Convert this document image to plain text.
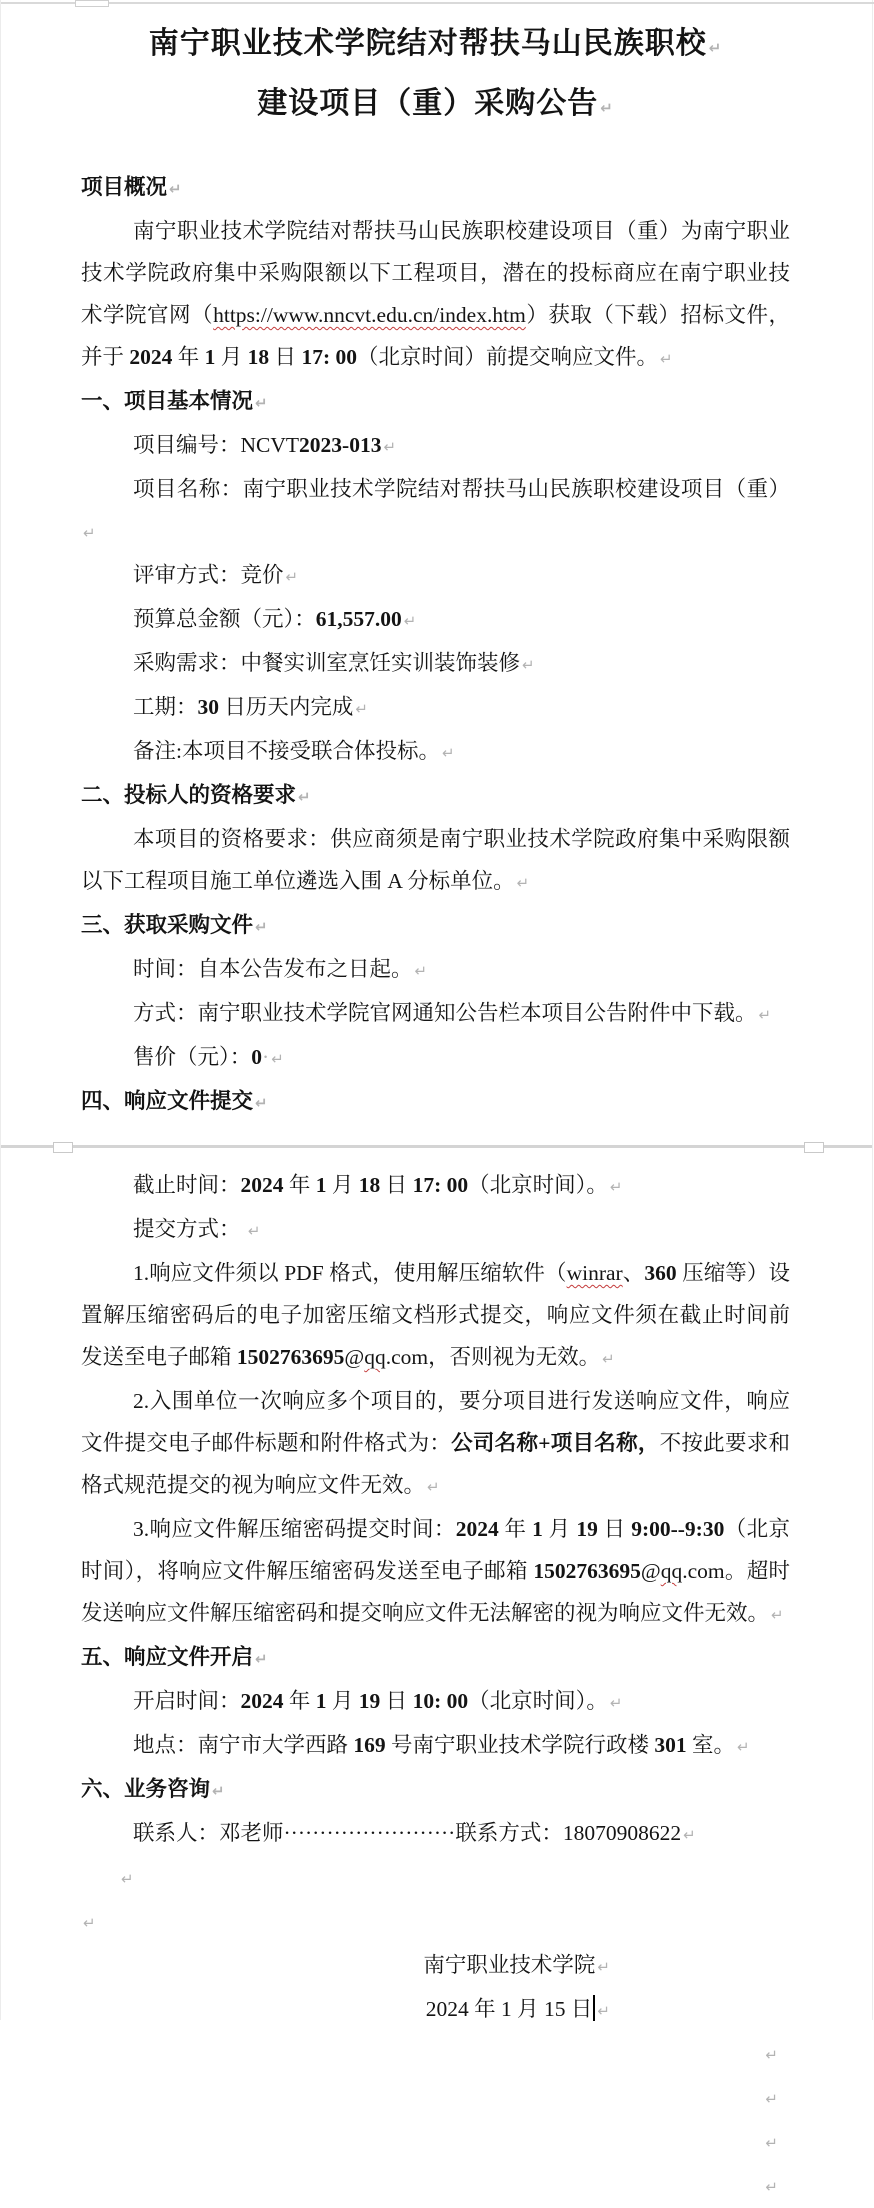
南宁职业技术学院结对帮扶马山民族职校 ↵
建设项目（重）采购公告 ↵
项目概况 ↵
南宁职业技术学院结对帮扶马山民族职校建设项目（重）为南宁职业技术学院政府集中采购限额以下工程项目，潜在的投标商应在南宁职业技术学院官网（https://www.nncvt.edu.cn/index.htm）获取（下载）招标文件，并于 2024 年 1 月 18 日 17: 00（北京时间）前提交响应文件。 ↵
一、项目基本情况 ↵
项目编号：NCVT2023-013 ↵
项目名称：南宁职业技术学院结对帮扶马山民族职校建设项目（重）↵
评审方式：竞价 ↵
预算总金额（元）：61,557.00 ↵
采购需求：中餐实训室烹饪实训装饰装修 ↵
工期：30 日历天内完成 ↵
备注:本项目不接受联合体投标。 ↵
二、投标人的资格要求 ↵
本项目的资格要求：供应商须是南宁职业技术学院政府集中采购限额以下工程项目施工单位遴选入围 A 分标单位。 ↵
三、获取采购文件 ↵
时间：自本公告发布之日起。 ↵
方式：南宁职业技术学院官网通知公告栏本项目公告附件中下载。 ↵
售价（元）：0· ↵
四、响应文件提交 ↵
截止时间：2024 年 1 月 18 日 17: 00（北京时间）。 ↵
提交方式： ↵
1.响应文件须以 PDF 格式，使用解压缩软件（winrar、360 压缩等）设置解压缩密码后的电子加密压缩文档形式提交，响应文件须在截止时间前发送至电子邮箱 1502763695@qq.com，否则视为无效。 ↵
2.入围单位一次响应多个项目的，要分项目进行发送响应文件，响应文件提交电子邮件标题和附件格式为：公司名称+项目名称，不按此要求和格式规范提交的视为响应文件无效。 ↵
3.响应文件解压缩密码提交时间：2024 年 1 月 19 日 9:00--9:30（北京时间），将响应文件解压缩密码发送至电子邮箱 1502763695@qq.com。超时发送响应文件解压缩密码和提交响应文件无法解密的视为响应文件无效。 ↵
五、响应文件开启 ↵
开启时间：2024 年 1 月 19 日 10: 00（北京时间）。 ↵
地点：南宁市大学西路 169 号南宁职业技术学院行政楼 301 室。 ↵
六、业务咨询 ↵
联系人：邓老师························联系方式：18070908622 ↵
↵
↵
南宁职业技术学院 ↵
2024 年 1 月 15 日 ↵
↵
↵
↵
↵
